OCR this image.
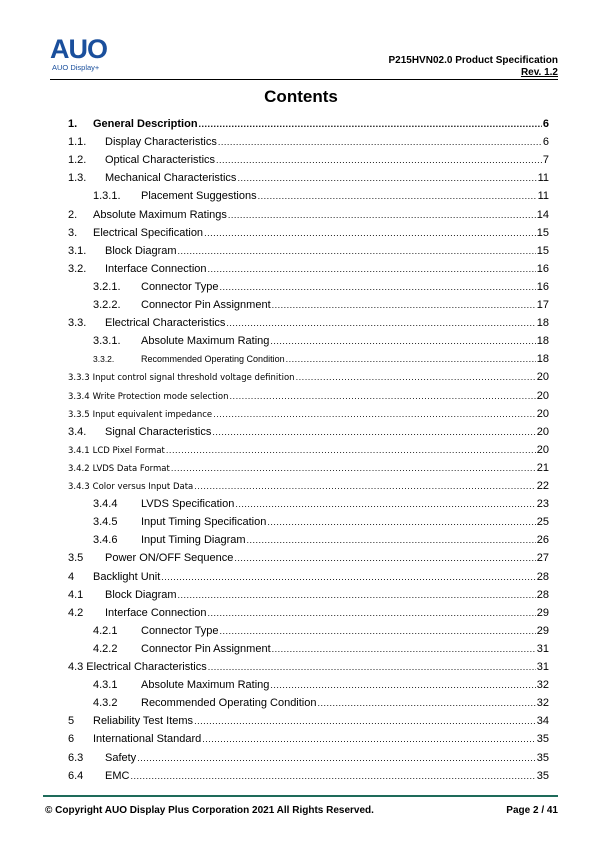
AUO
AUO Display+
P215HVN02.0 Product Specification
Rev. 1.2
Contents
1.	General Description .....	6
1.1.	Display Characteristics .....	6
1.2.	Optical Characteristics .....	7
1.3.	Mechanical Characteristics .....	11
1.3.1.	Placement Suggestions .....	11
2.	Absolute Maximum Ratings .....	14
3.	Electrical Specification .....	15
3.1.	Block Diagram .....	15
3.2.	Interface Connection .....	16
3.2.1.	Connector Type .....	16
3.2.2.	Connector Pin Assignment .....	17
3.3.	Electrical Characteristics .....	18
3.3.1.	Absolute Maximum Rating .....	18
3.3.2.	Recommended Operating Condition .....	18
3.3.3 Input control signal threshold voltage definition .....	20
3.3.4 Write Protection mode selection .....	20
3.3.5 Input equivalent impedance .....	20
3.4.	Signal Characteristics .....	20
3.4.1 LCD Pixel Format .....	20
3.4.2 LVDS Data Format .....	21
3.4.3 Color versus Input Data .....	22
3.4.4	LVDS Specification .....	23
3.4.5	Input Timing Specification .....	25
3.4.6	Input Timing Diagram .....	26
3.5	Power ON/OFF Sequence .....	27
4	Backlight Unit .....	28
4.1	Block Diagram .....	28
4.2	Interface Connection .....	29
4.2.1	Connector Type .....	29
4.2.2	Connector Pin Assignment .....	31
4.3 Electrical Characteristics .....	31
4.3.1	Absolute Maximum Rating .....	32
4.3.2	Recommended Operating Condition .....	32
5	Reliability Test Items .....	34
6	International Standard .....	35
6.3	Safety .....	35
6.4	EMC .....	35
© Copyright AUO Display Plus Corporation 2021 All Rights Reserved.	Page 2 / 41
